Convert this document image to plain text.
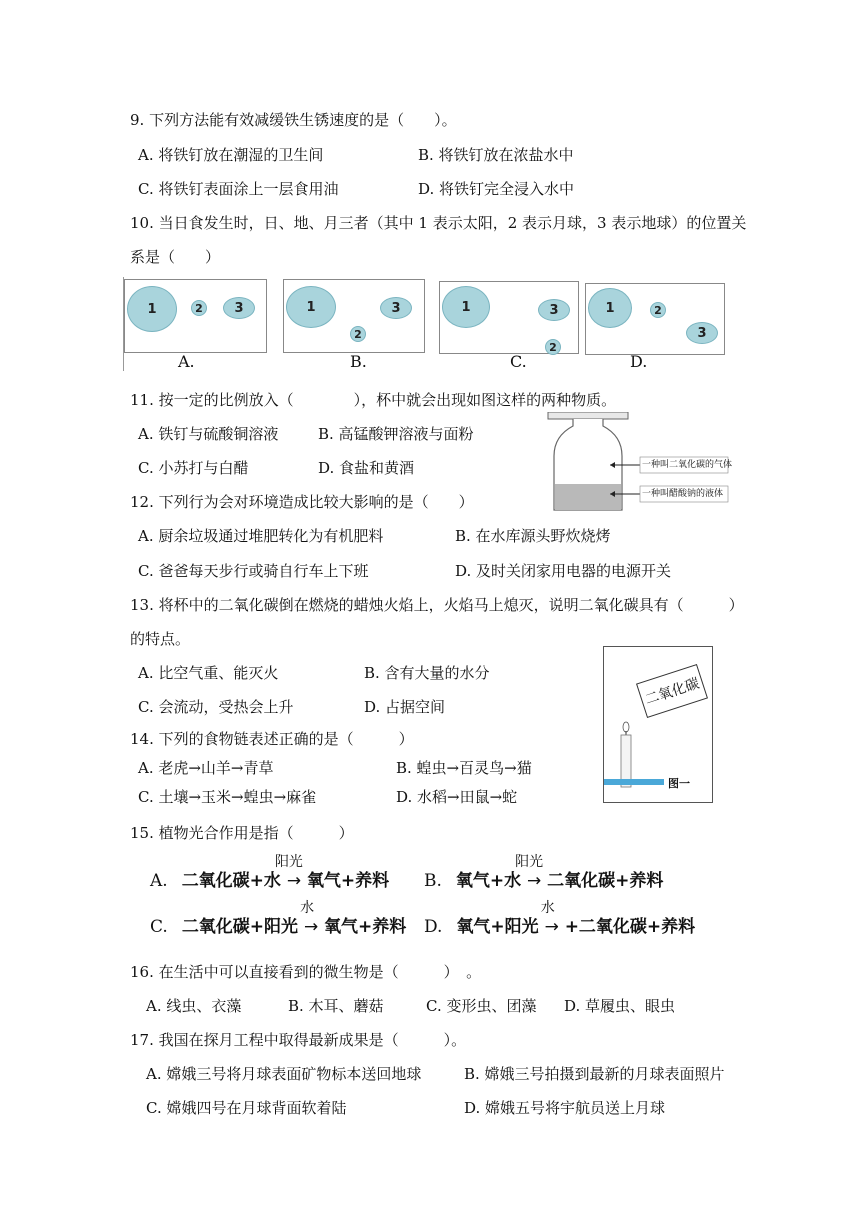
9. 下列方法能有效减缓铁生锈速度的是（　　）。
A. 将铁钉放在潮湿的卫生间	B. 将铁钉放在浓盐水中
C. 将铁钉表面涂上一层食用油	D. 将铁钉完全浸入水中
10. 当日食发生时，日、地、月三者（其中 1 表示太阳，2 表示月球，3 表示地球）的位置关
系是（　　）
1	2	3
A.
1	3
2
B.
1	3
2
C.
1	2
3
D.
11. 按一定的比例放入（　　　　），杯中就会出现如图这样的两种物质。
A. 铁钉与硫酸铜溶液	B. 高锰酸钾溶液与面粉
C. 小苏打与白醋	D. 食盐和黄酒	一种叫二氧化碳的气体
一种叫醋酸钠的液体
12. 下列行为会对环境造成比较大影响的是（　　）
A. 厨余垃圾通过堆肥转化为有机肥料	B. 在水库源头野炊烧烤
C. 爸爸每天步行或骑自行车上下班	D. 及时关闭家用电器的电源开关
13. 将杯中的二氧化碳倒在燃烧的蜡烛火焰上，火焰马上熄灭，说明二氧化碳具有（　　　）
的特点。
A. 比空气重、能灭火	B. 含有大量的水分
C. 会流动，受热会上升	D. 占据空间	二氧化碳
图一
14. 下列的食物链表述正确的是（　　　）
A. 老虎→山羊→青草	B. 蝗虫→百灵鸟→猫
C. 土壤→玉米→蝗虫→麻雀	D. 水稻→田鼠→蛇
15. 植物光合作用是指（　　　）
A. 二氧化碳+水 →
阳光
氧气+养料 B. 氧气+水 →
阳光
二氧化碳+养料
C. 二氧化碳+阳光 →
水
氧气+养料 D. 氧气+阳光 →
水
+二氧化碳+养料
16. 在生活中可以直接看到的微生物是（　　　）　。
A. 线虫、衣藻	B. 木耳、蘑菇	C. 变形虫、团藻 D. 草履虫、眼虫
17. 我国在探月工程中取得最新成果是（　　　）。
A. 嫦娥三号将月球表面矿物标本送回地球	B. 嫦娥三号拍摄到最新的月球表面照片
C. 嫦娥四号在月球背面软着陆	D. 嫦娥五号将宇航员送上月球
